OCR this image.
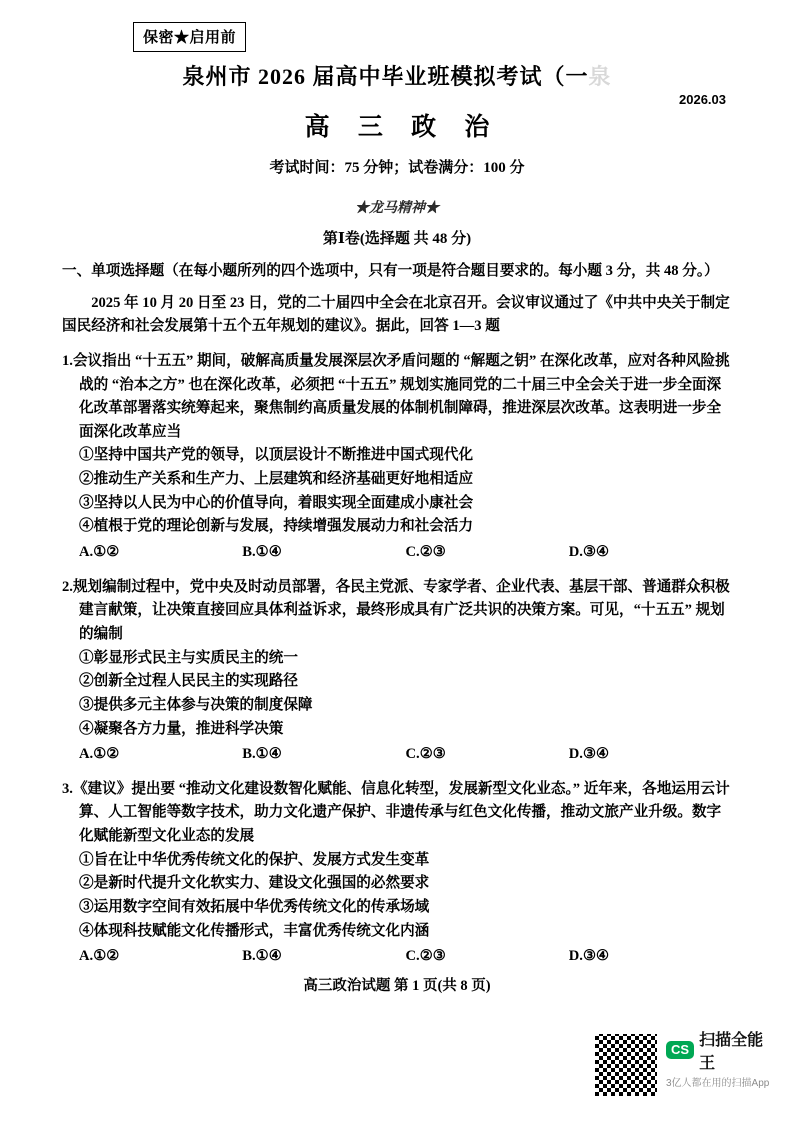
保密★启用前
泉州市 2026 届高中毕业班模拟考试（一泉
2026.03
高 三 政 治
考试时间：75 分钟；试卷满分：100 分
★龙马精神★
第Ⅰ卷(选择题 共 48 分)
一、单项选择题（在每小题所列的四个选项中，只有一项是符合题目要求的。每小题 3 分，共 48 分。）
2025 年 10 月 20 日至 23 日，党的二十届四中全会在北京召开。会议审议通过了《中共中央关于制定国民经济和社会发展第十五个五年规划的建议》。据此，回答 1—3 题
1.会议指出 “十五五” 期间，破解高质量发展深层次矛盾问题的 “解题之钥” 在深化改革，应对各种风险挑战的 “治本之方” 也在深化改革，必须把 “十五五” 规划实施同党的二十届三中全会关于进一步全面深化改革部署落实统筹起来，聚焦制约高质量发展的体制机制障碍，推进深层次改革。这表明进一步全面深化改革应当
①坚持中国共产党的领导，以顶层设计不断推进中国式现代化
②推动生产关系和生产力、上层建筑和经济基础更好地相适应
③坚持以人民为中心的价值导向，着眼实现全面建成小康社会
④植根于党的理论创新与发展，持续增强发展动力和社会活力
A.①②	B.①④	C.②③	D.③④
2.规划编制过程中，党中央及时动员部署，各民主党派、专家学者、企业代表、基层干部、普通群众积极建言献策，让决策直接回应具体利益诉求，最终形成具有广泛共识的决策方案。可见，“十五五” 规划的编制
①彰显形式民主与实质民主的统一
②创新全过程人民民主的实现路径
③提供多元主体参与决策的制度保障
④凝聚各方力量，推进科学决策
A.①②	B.①④	C.②③	D.③④
3.《建议》提出要 “推动文化建设数智化赋能、信息化转型，发展新型文化业态。” 近年来，各地运用云计算、人工智能等数字技术，助力文化遗产保护、非遗传承与红色文化传播，推动文旅产业升级。数字化赋能新型文化业态的发展
①旨在让中华优秀传统文化的保护、发展方式发生变革
②是新时代提升文化软实力、建设文化强国的必然要求
③运用数字空间有效拓展中华优秀传统文化的传承场域
④体现科技赋能文化传播形式，丰富优秀传统文化内涵
A.①②	B.①④	C.②③	D.③④
高三政治试题 第 1 页(共 8 页)
CS
扫描全能王
3亿人都在用的扫描App
